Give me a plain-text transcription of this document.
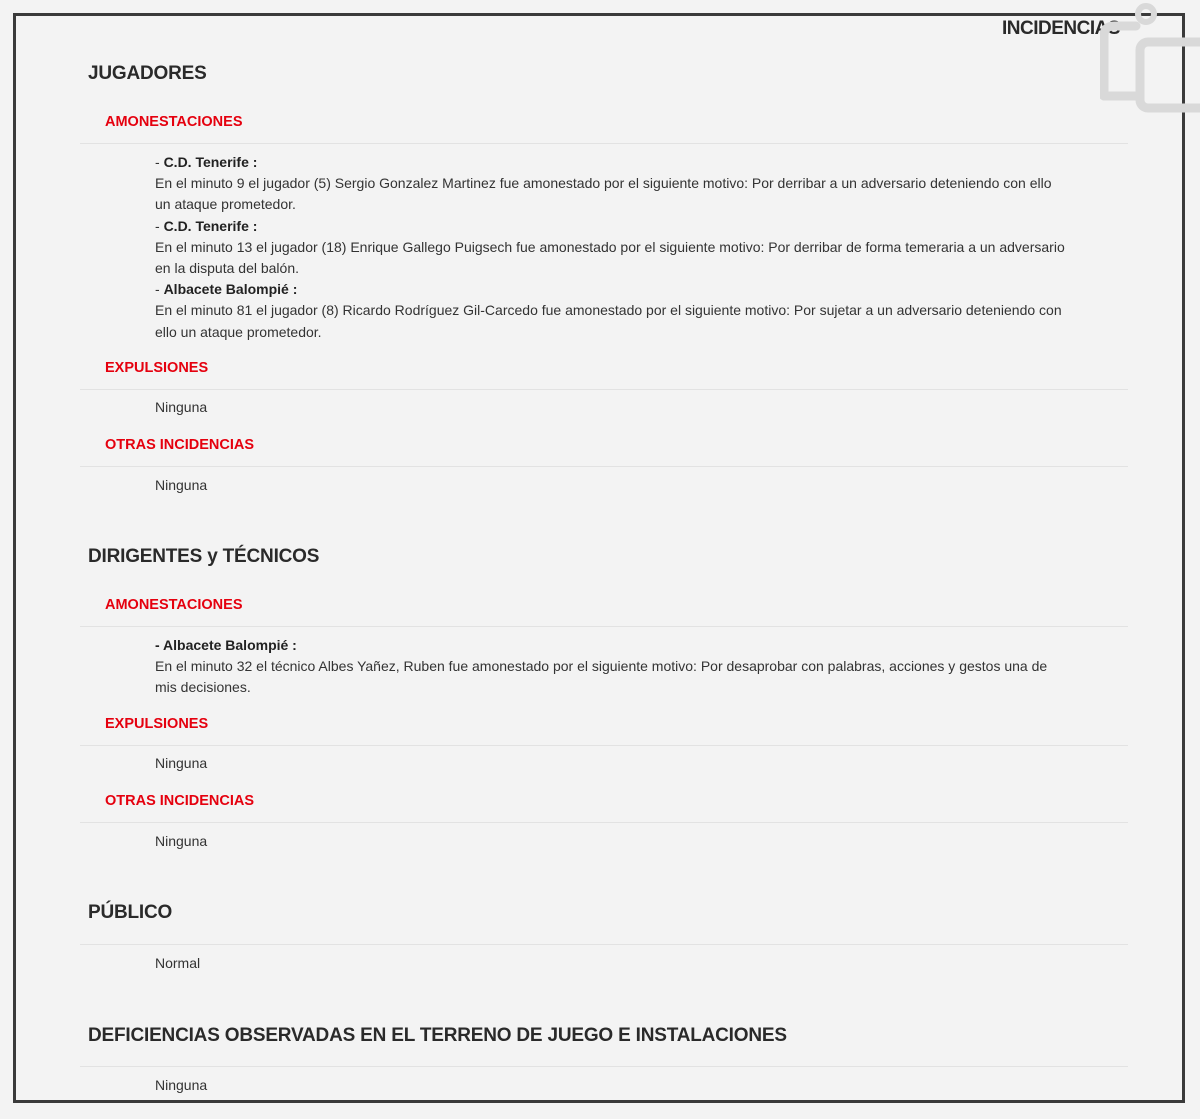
INCIDENCIAS
JUGADORES
AMONESTACIONES
- C.D. Tenerife :
En el minuto 9 el jugador (5) Sergio Gonzalez Martinez fue amonestado por el siguiente motivo: Por derribar a un adversario deteniendo con ello un ataque prometedor.
- C.D. Tenerife :
En el minuto 13 el jugador (18) Enrique Gallego Puigsech fue amonestado por el siguiente motivo: Por derribar de forma temeraria a un adversario en la disputa del balón.
- Albacete Balompié :
En el minuto 81 el jugador (8) Ricardo Rodríguez Gil-Carcedo fue amonestado por el siguiente motivo: Por sujetar a un adversario deteniendo con ello un ataque prometedor.
EXPULSIONES
Ninguna
OTRAS INCIDENCIAS
Ninguna
DIRIGENTES y TÉCNICOS
AMONESTACIONES
- Albacete Balompié :
En el minuto 32 el técnico Albes Yañez, Ruben fue amonestado por el siguiente motivo: Por desaprobar con palabras, acciones y gestos una de mis decisiones.
EXPULSIONES
Ninguna
OTRAS INCIDENCIAS
Ninguna
PÚBLICO
Normal
DEFICIENCIAS OBSERVADAS EN EL TERRENO DE JUEGO E INSTALACIONES
Ninguna
